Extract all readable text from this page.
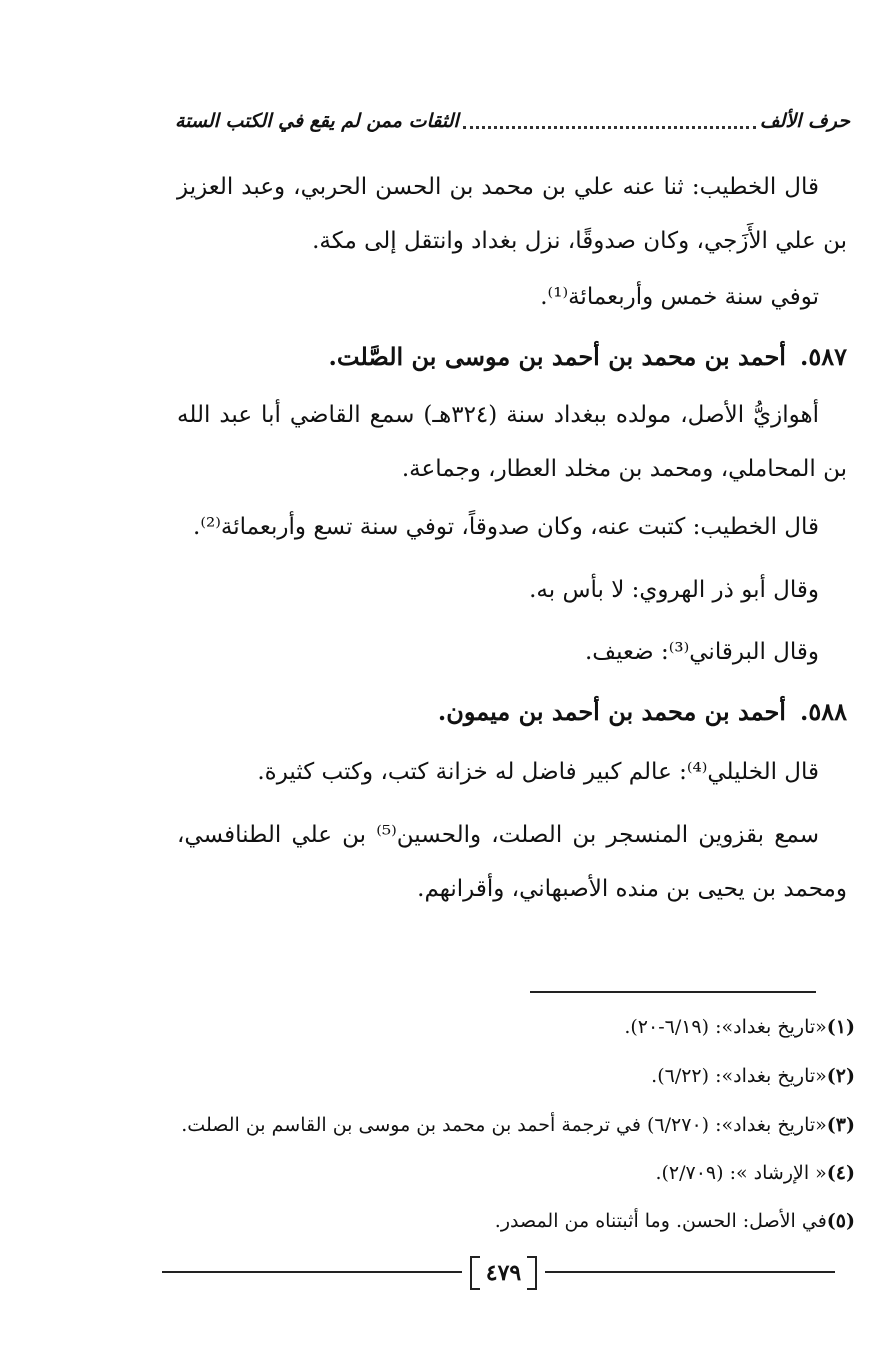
حرف الألف
الثقات ممن لم يقع في الكتب الستة
قال الخطيب: ثنا عنه علي بن محمد بن الحسن الحربي، وعبد العزيز بن علي الأَزَجي، وكان صدوقًا، نزل بغداد وانتقل إلى مكة.
توفي سنة خمس وأربعمائة⁽¹⁾.
٥٨٧.أحمد بن محمد بن أحمد بن موسى بن الصَّلت.
أهوازيُّ الأصل، مولده ببغداد سنة (٣٢٤هـ) سمع القاضي أبا عبد الله بن المحاملي، ومحمد بن مخلد العطار، وجماعة.
قال الخطيب: كتبت عنه، وكان صدوقاً، توفي سنة تسع وأربعمائة⁽²⁾.
وقال أبو ذر الهروي: لا بأس به.
وقال البرقاني⁽³⁾: ضعيف.
٥٨٨.أحمد بن محمد بن أحمد بن ميمون.
قال الخليلي⁽⁴⁾: عالم كبير فاضل له خزانة كتب، وكتب كثيرة.
سمع بقزوين المنسجر بن الصلت، والحسين⁽⁵⁾ بن علي الطنافسي، ومحمد بن يحيى بن منده الأصبهاني، وأقرانهم.
(١)«تاريخ بغداد»: (٦/١٩-٢٠).
(٢)«تاريخ بغداد»: (٦/٢٢).
(٣)«تاريخ بغداد»: (٦/٢٧٠) في ترجمة أحمد بن محمد بن موسى بن القاسم بن الصلت.
(٤)« الإرشاد »: (٢/٧٠٩).
(٥)في الأصل: الحسن. وما أثبتناه من المصدر.
٤٧٩
